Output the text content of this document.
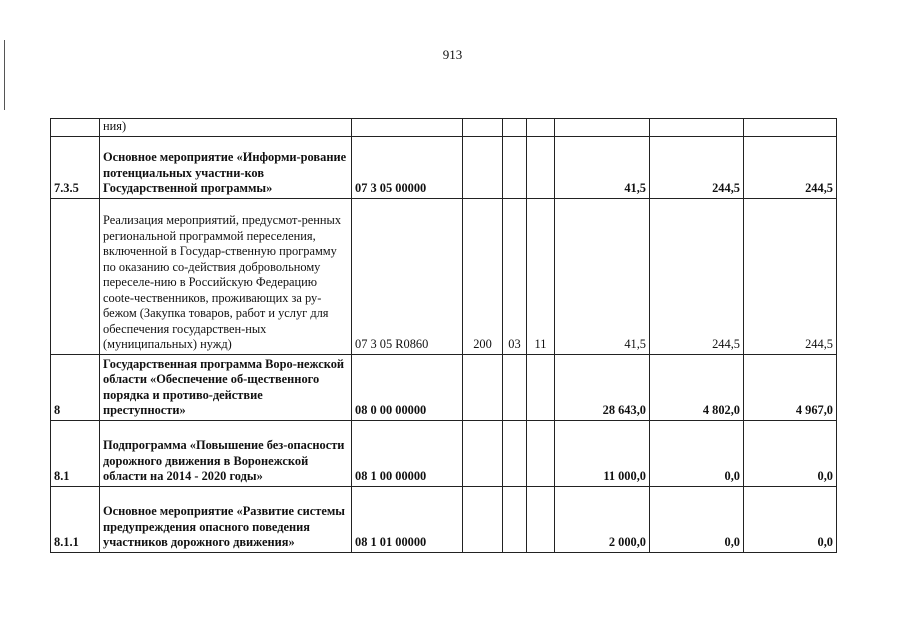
913
	ния)							
7.3.5	Основное мероприятие «Информи-рование потенциальных участни-ков Государственной программы»	07 3 05 00000				41,5	244,5	244,5
	Реализация мероприятий, предусмот-ренных региональной программой переселения, включенной в Государ-ственную программу по оказанию со-действия добровольному переселе-нию в Российскую Федерацию соote-чественников, проживающих за ру-бежом (Закупка товаров, работ и услуг для обеспечения государствен-ных (муниципальных) нужд)	07 3 05 R0860	200	03	11	41,5	244,5	244,5
8	Государственная программа Воро-нежской области «Обеспечение об-щественного порядка и противо-действие преступности»	08 0 00 00000				28 643,0	4 802,0	4 967,0
8.1	Подпрограмма «Повышение без-опасности дорожного движения в Воронежской области на 2014 - 2020 годы»	08 1 00 00000				11 000,0	0,0	0,0
8.1.1	Основное мероприятие «Развитие системы предупреждения опасного поведения участников дорожного движения»	08 1 01 00000				2 000,0	0,0	0,0
